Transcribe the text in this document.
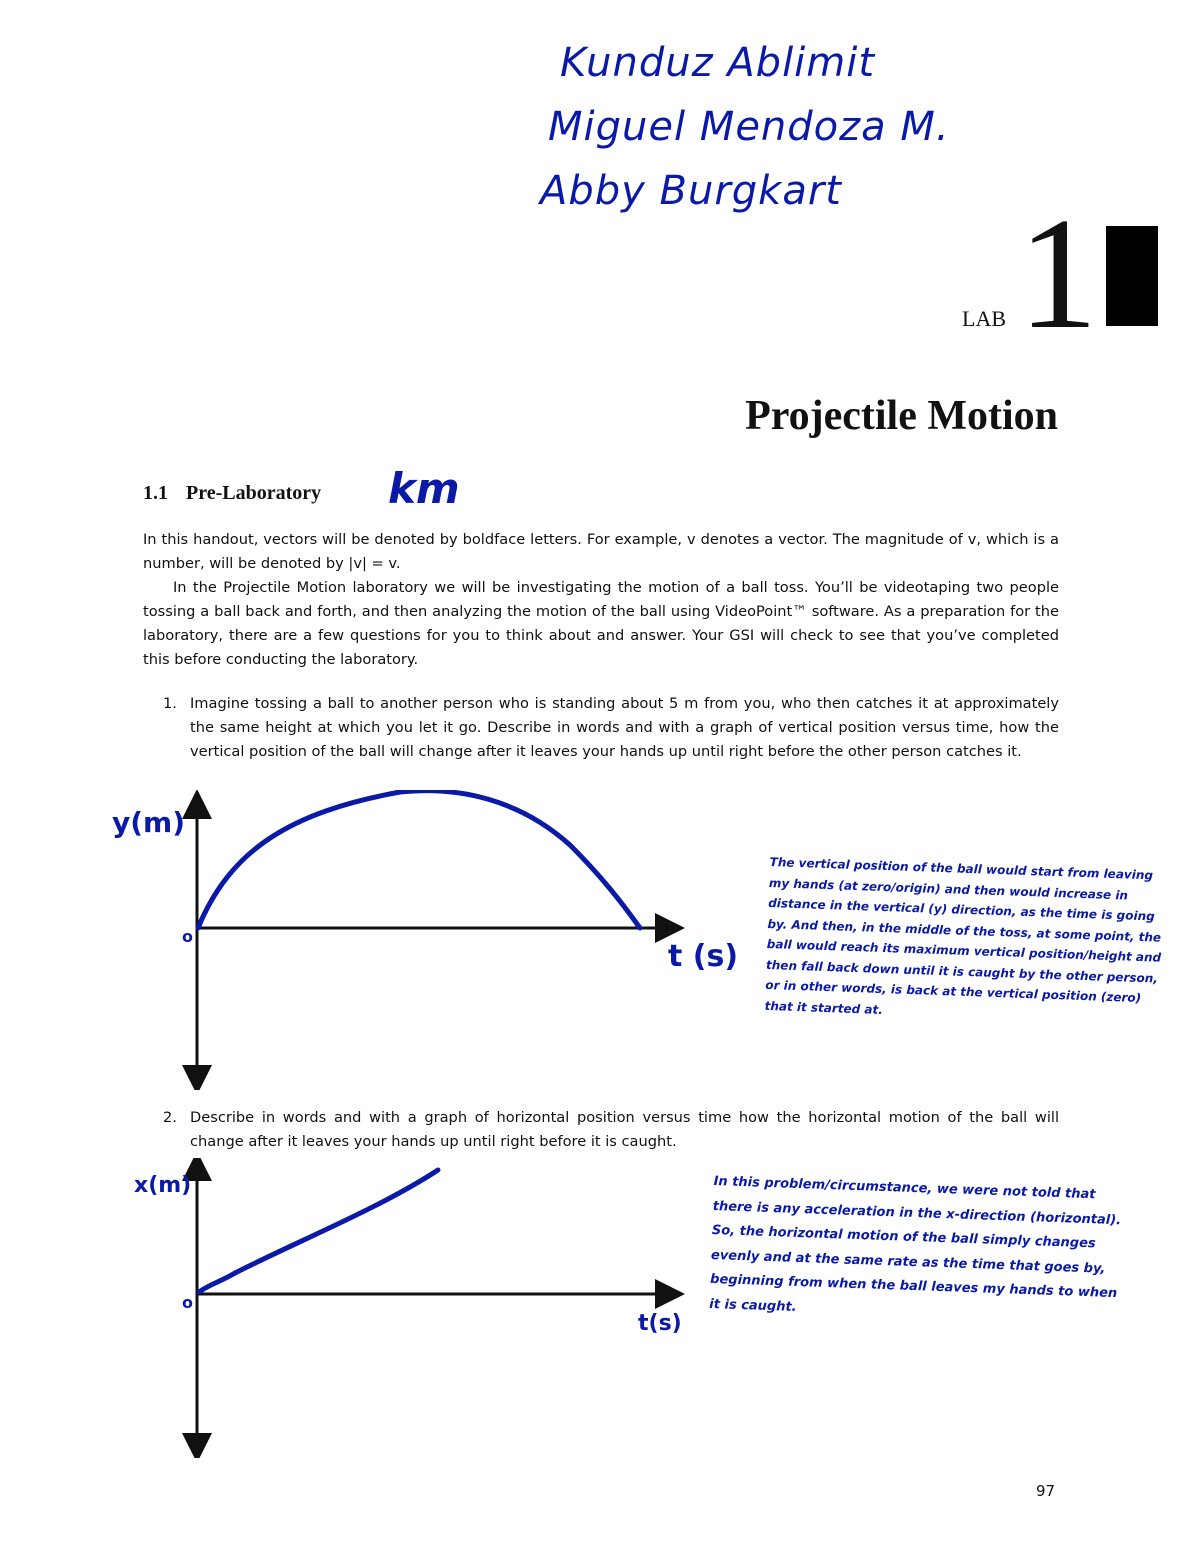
Kunduz Ablimit

Miguel Mendoza M.

Abby Burgkart

LAB 1
Projectile Motion
1.1 Pre-Laboratory km

In this handout, vectors will be denoted by boldface letters. For example, v denotes a vector. The magnitude of v, which is a number, will be denoted by |v| = v.

In the Projectile Motion laboratory we will be investigating the motion of a ball toss. You’ll be videotaping two people tossing a ball back and forth, and then analyzing the motion of the ball using VideoPoint™ software. As a preparation for the laboratory, there are a few questions for you to think about and answer. Your GSI will check to see that you’ve completed this before conducting the laboratory.

1. Imagine tossing a ball to another person who is standing about 5 m from you, who then catches it at approximately the same height at which you let it go. Describe in words and with a graph of vertical position versus time, how the vertical position of the ball will change after it leaves your hands up until right before the other person catches it.
y(m)
t (s)
o

The vertical position of the ball would start from leaving my hands (at zero/origin) and then would increase in distance in the vertical (y) direction, as the time is going by. And then, in the middle of the toss, at some point, the ball would reach its maximum vertical position/height and then fall back down until it is caught by the other person, or in other words, is back at the vertical position (zero) that it started at.

2. Describe in words and with a graph of horizontal position versus time how the horizontal motion of the ball will change after it leaves your hands up until right before it is caught.
x(m)
t(s)
o

In this problem/circumstance, we were not told that there is any acceleration in the x-direction (horizontal). So, the horizontal motion of the ball simply changes evenly and at the same rate as the time that goes by, beginning from when the ball leaves my hands to when it is caught.

97
